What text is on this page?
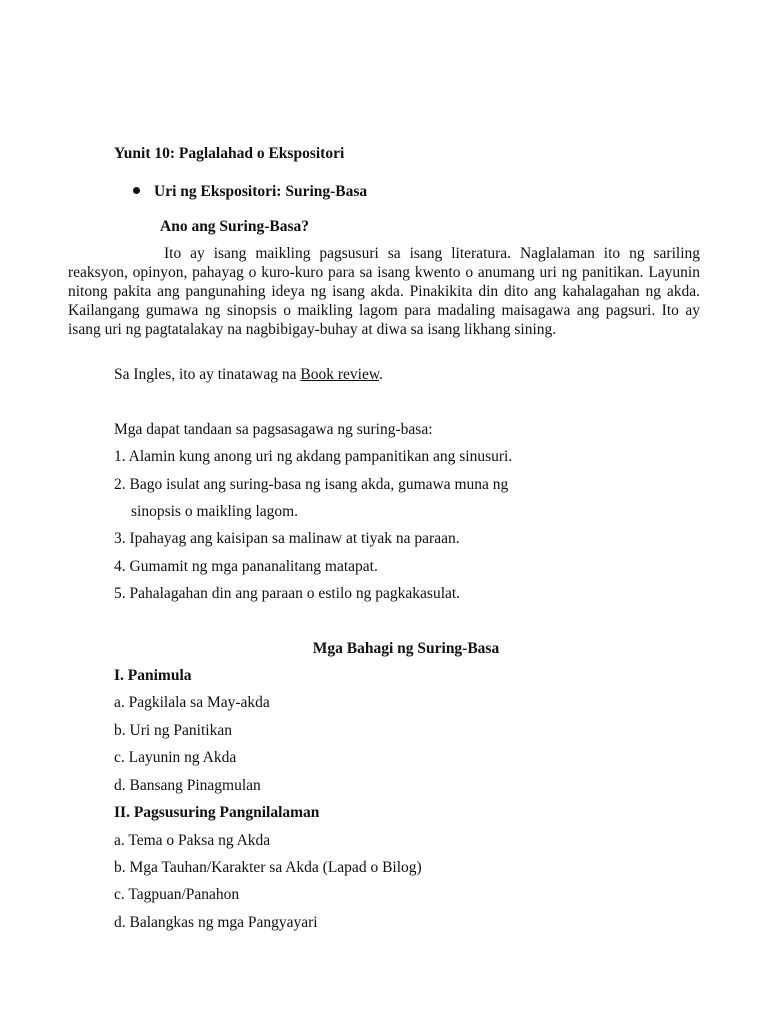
Yunit 10: Paglalahad o Ekspositori
Uri ng Ekspositori: Suring-Basa
Ano ang Suring-Basa?
Ito ay isang maikling pagsusuri sa isang literatura. Naglalaman ito ng sariling reaksyon, opinyon, pahayag o kuro-kuro para sa isang kwento o anumang uri ng panitikan. Layunin nitong pakita ang pangunahing ideya ng isang akda. Pinakikita din dito ang kahalagahan ng akda. Kailangang gumawa ng sinopsis o maikling lagom para madaling maisagawa ang pagsuri. Ito ay isang uri ng pagtatalakay na nagbibigay-buhay at diwa sa isang likhang sining.
Sa Ingles, ito ay tinatawag na Book review.
Mga dapat tandaan sa pagsasagawa ng suring-basa:
1. Alamin kung anong uri ng akdang pampanitikan ang sinusuri.
2. Bago isulat ang suring-basa ng isang akda, gumawa muna ng
sinopsis o maikling lagom.
3. Ipahayag ang kaisipan sa malinaw at tiyak na paraan.
4. Gumamit ng mga pananalitang matapat.
5. Pahalagahan din ang paraan o estilo ng pagkakasulat.
Mga Bahagi ng Suring-Basa
I. Panimula
a. Pagkilala sa May-akda
b. Uri ng Panitikan
c. Layunin ng Akda
d. Bansang Pinagmulan
II. Pagsusuring Pangnilalaman
a. Tema o Paksa ng Akda
b. Mga Tauhan/Karakter sa Akda (Lapad o Bilog)
c. Tagpuan/Panahon
d. Balangkas ng mga Pangyayari
